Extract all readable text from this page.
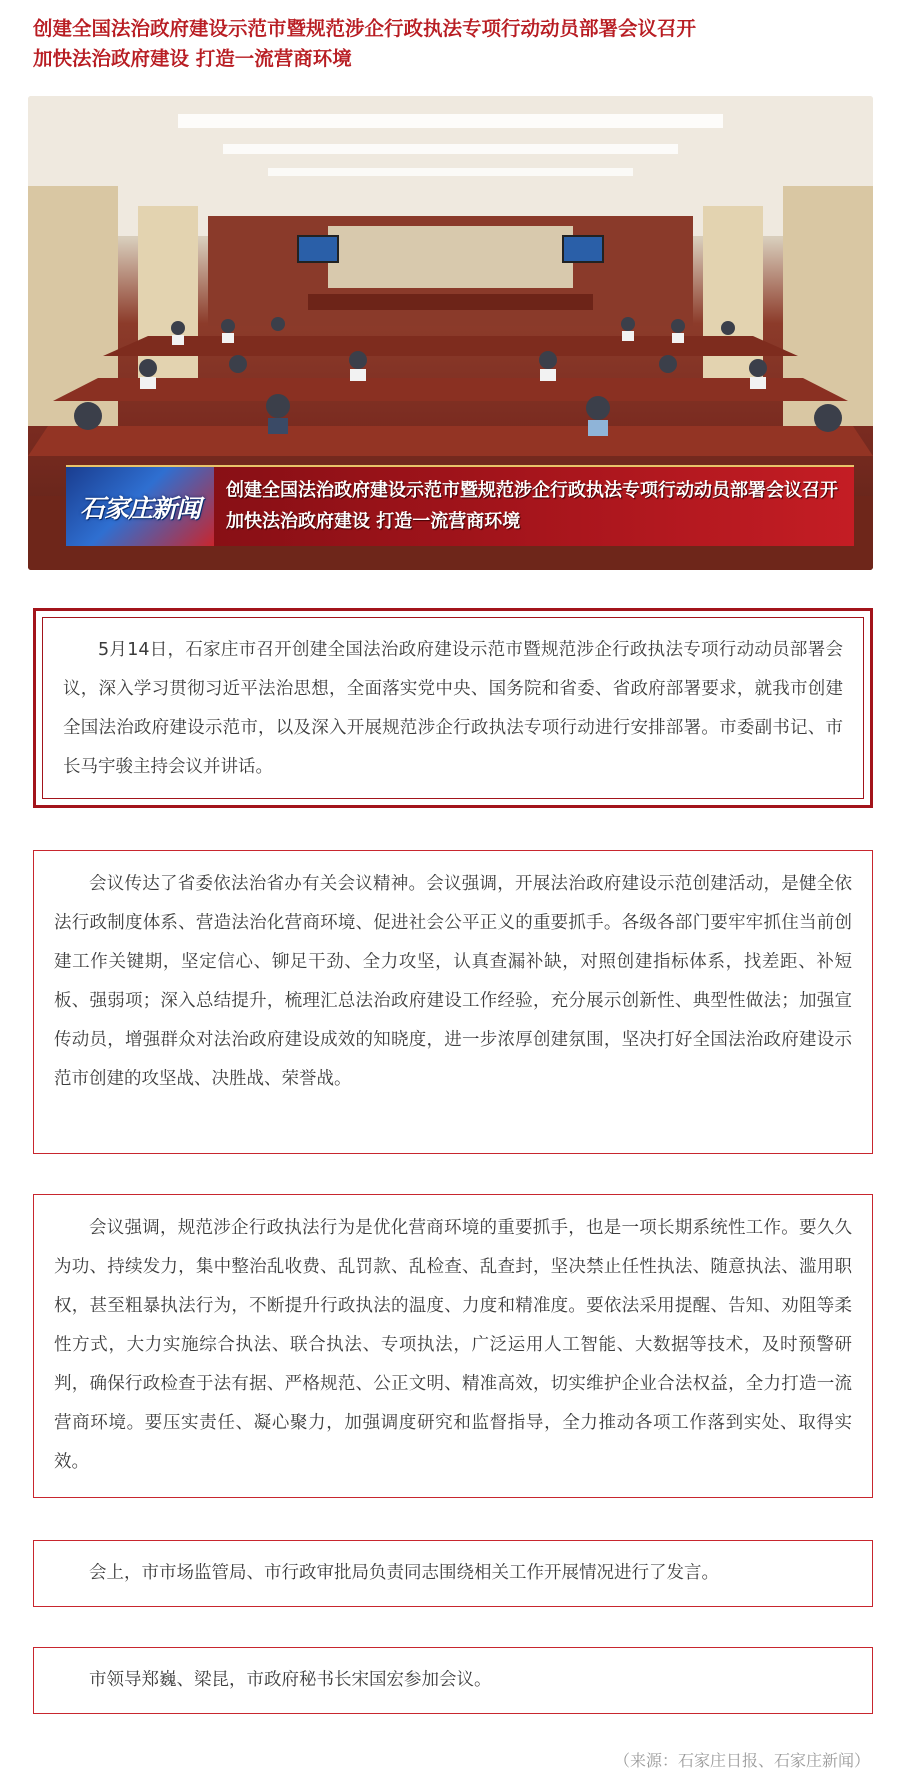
创建全国法治政府建设示范市暨规范涉企行政执法专项行动动员部署会议召开
加快法治政府建设 打造一流营商环境
石家庄新闻
创建全国法治政府建设示范市暨规范涉企行政执法专项行动动员部署会议召开
加快法治政府建设 打造一流营商环境

5月14日，石家庄市召开创建全国法治政府建设示范市暨规范涉企行政执法专项行动动员部署会议，深入学习贯彻习近平法治思想，全面落实党中央、国务院和省委、省政府部署要求，就我市创建全国法治政府建设示范市，以及深入开展规范涉企行政执法专项行动进行安排部署。市委副书记、市长马宇骏主持会议并讲话。

会议传达了省委依法治省办有关会议精神。会议强调，开展法治政府建设示范创建活动，是健全依法行政制度体系、营造法治化营商环境、促进社会公平正义的重要抓手。各级各部门要牢牢抓住当前创建工作关键期，坚定信心、铆足干劲、全力攻坚，认真查漏补缺，对照创建指标体系，找差距、补短板、强弱项；深入总结提升，梳理汇总法治政府建设工作经验，充分展示创新性、典型性做法；加强宣传动员，增强群众对法治政府建设成效的知晓度，进一步浓厚创建氛围，坚决打好全国法治政府建设示范市创建的攻坚战、决胜战、荣誉战。

会议强调，规范涉企行政执法行为是优化营商环境的重要抓手，也是一项长期系统性工作。要久久为功、持续发力，集中整治乱收费、乱罚款、乱检查、乱查封，坚决禁止任性执法、随意执法、滥用职权，甚至粗暴执法行为，不断提升行政执法的温度、力度和精准度。要依法采用提醒、告知、劝阻等柔性方式，大力实施综合执法、联合执法、专项执法，广泛运用人工智能、大数据等技术，及时预警研判，确保行政检查于法有据、严格规范、公正文明、精准高效，切实维护企业合法权益，全力打造一流营商环境。要压实责任、凝心聚力，加强调度研究和监督指导，全力推动各项工作落到实处、取得实效。

会上，市市场监管局、市行政审批局负责同志围绕相关工作开展情况进行了发言。

市领导郑巍、梁昆，市政府秘书长宋国宏参加会议。

（来源：石家庄日报、石家庄新闻）
